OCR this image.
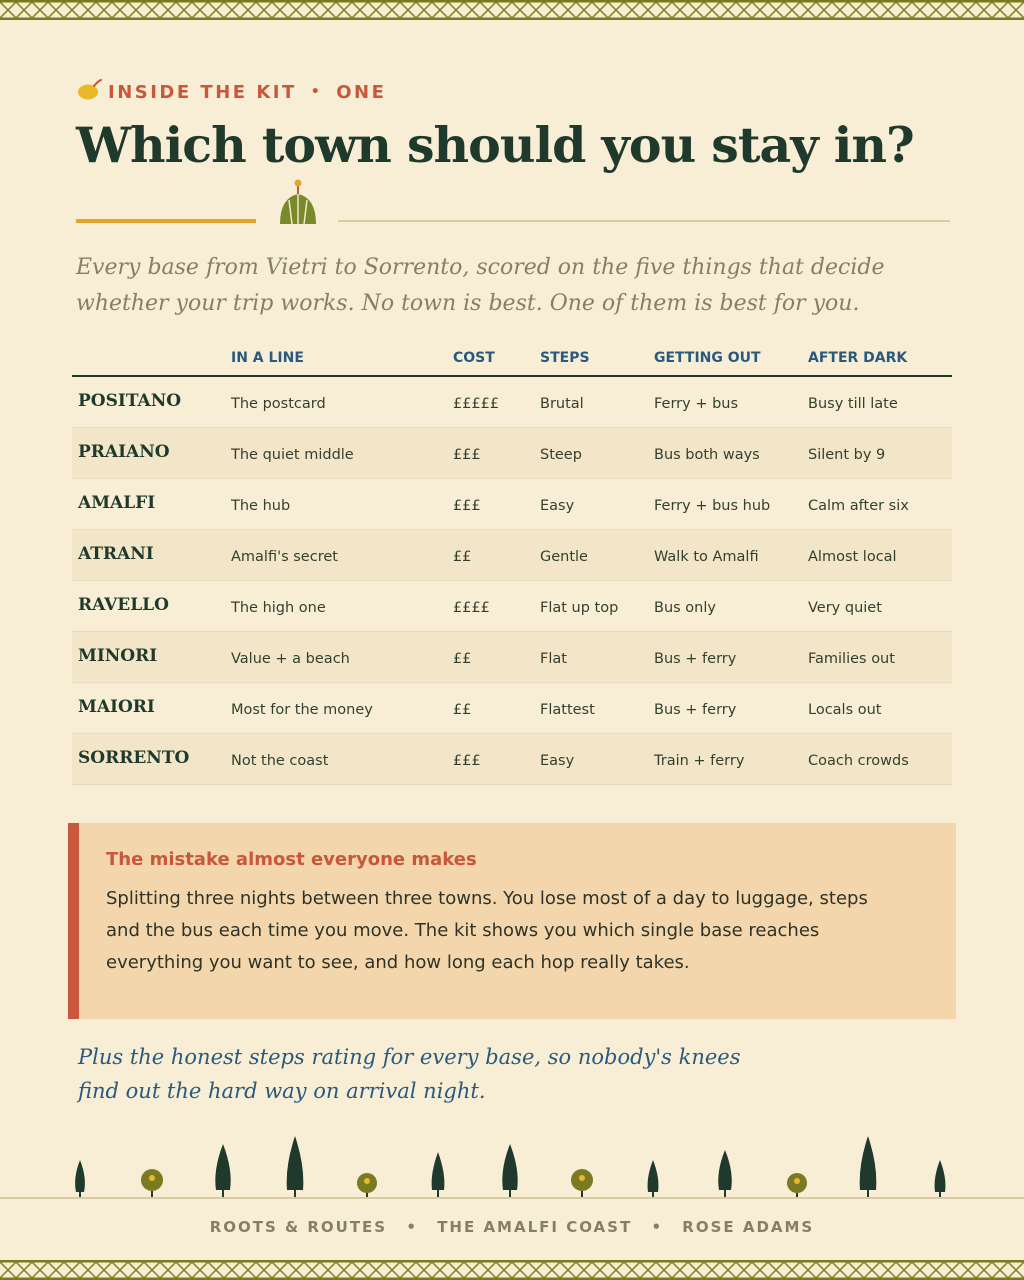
INSIDE THE KIT • ONE
Which town should you stay in?

Every base from Vietri to Sorrento, scored on the five things that decide whether your trip works. No town is best. One of them is best for you.

	IN A LINE	COST	STEPS	GETTING OUT	AFTER DARK
POSITANO	The postcard	£££££	Brutal	Ferry + bus	Busy till late
PRAIANO	The quiet middle	£££	Steep	Bus both ways	Silent by 9
AMALFI	The hub	£££	Easy	Ferry + bus hub	Calm after six
ATRANI	Amalfi's secret	££	Gentle	Walk to Amalfi	Almost local
RAVELLO	The high one	££££	Flat up top	Bus only	Very quiet
MINORI	Value + a beach	££	Flat	Bus + ferry	Families out
MAIORI	Most for the money	££	Flattest	Bus + ferry	Locals out
SORRENTO	Not the coast	£££	Easy	Train + ferry	Coach crowds
The mistake almost everyone makes

Splitting three nights between three towns. You lose most of a day to luggage, steps and the bus each time you move. The kit shows you which single base reaches everything you want to see, and how long each hop really takes.

Plus the honest steps rating for every base, so nobody's knees find out the hard way on arrival night.

ROOTS & ROUTES • THE AMALFI COAST • ROSE ADAMS
